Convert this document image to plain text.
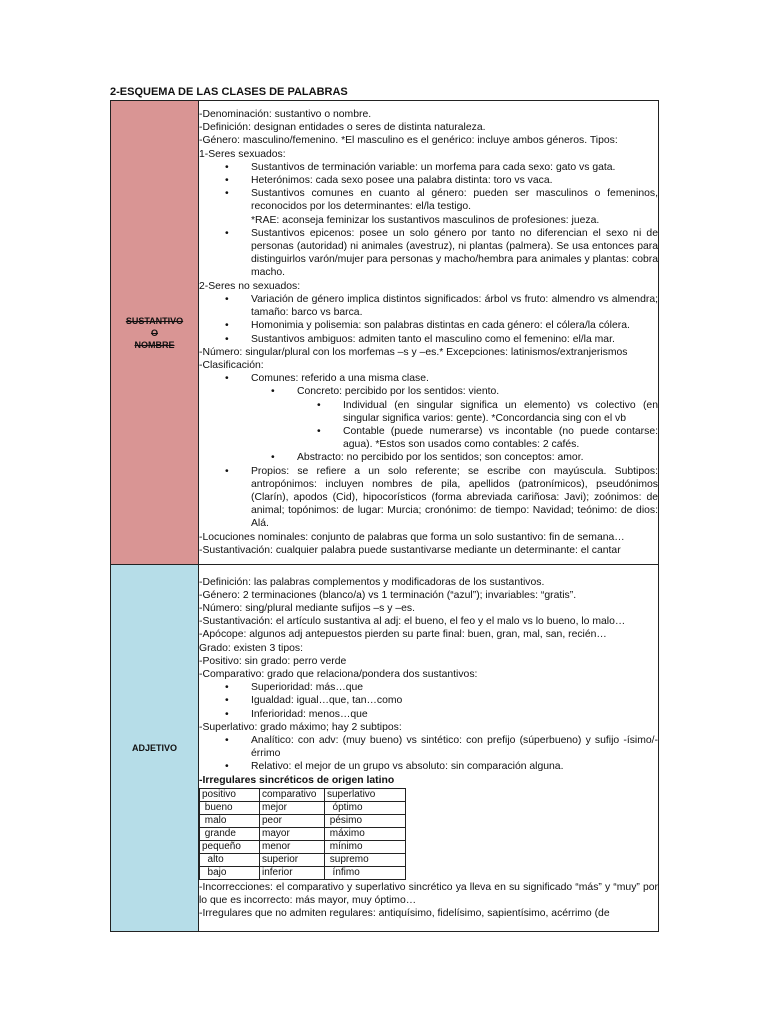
2-ESQUEMA DE LAS CLASES DE PALABRAS
SUSTANTIVO
O
NOMBRE

-Denominación: sustantivo o nombre.
-Definición: designan entidades o seres de distinta naturaleza.
-Género: masculino/femenino. *El masculino es el genérico: incluye ambos géneros. Tipos:
1-Seres sexuados:
• Sustantivos de terminación variable: un morfema para cada sexo: gato vs gata.
• Heterónimos: cada sexo posee una palabra distinta: toro vs vaca.
• Sustantivos comunes en cuanto al género: pueden ser masculinos o femeninos, reconocidos por los determinantes: el/la testigo.
*RAE: aconseja feminizar los sustantivos masculinos de profesiones: jueza.
• Sustantivos epicenos: posee un solo género por tanto no diferencian el sexo ni de personas (autoridad) ni animales (avestruz), ni plantas (palmera). Se usa entonces para distinguirlos varón/mujer para personas y macho/hembra para animales y plantas: cobra macho.
2-Seres no sexuados:
• Variación de género implica distintos significados: árbol vs fruto: almendro vs almendra; tamaño: barco vs barca.
• Homonimia y polisemia: son palabras distintas en cada género: el cólera/la cólera.
• Sustantivos ambiguos: admiten tanto el masculino como el femenino: el/la mar.
-Número: singular/plural con los morfemas –s y –es.* Excepciones: latinismos/extranjerismos
-Clasificación:
• Comunes: referido a una misma clase.
• Concreto: percibido por los sentidos: viento.
• Individual (en singular significa un elemento) vs colectivo (en singular significa varios: gente). *Concordancia sing con el vb
• Contable (puede numerarse) vs incontable (no puede contarse: agua). *Estos son usados como contables: 2 cafés.
• Abstracto: no percibido por los sentidos; son conceptos: amor.
• Propios: se refiere a un solo referente; se escribe con mayúscula. Subtipos: antropónimos: incluyen nombres de pila, apellidos (patronímicos), pseudónimos (Clarín), apodos (Cid), hipocorísticos (forma abreviada cariñosa: Javi); zoónimos: de animal; topónimos: de lugar: Murcia; cronónimo: de tiempo: Navidad; teónimo: de dios: Alá.
-Locuciones nominales: conjunto de palabras que forma un solo sustantivo: fin de semana…
-Sustantivación: cualquier palabra puede sustantivarse mediante un determinante: el cantar

ADJETIVO

-Definición: las palabras complementos y modificadoras de los sustantivos.
-Género: 2 terminaciones (blanco/a) vs 1 terminación (“azul”); invariables: “gratis”.
-Número: sing/plural mediante sufijos –s y –es.
-Sustantivación: el artículo sustantiva al adj: el bueno, el feo y el malo vs lo bueno, lo malo…
-Apócope: algunos adj antepuestos pierden su parte final: buen, gran, mal, san, recién…
Grado: existen 3 tipos:
-Positivo: sin grado: perro verde
-Comparativo: grado que relaciona/pondera dos sustantivos:
• Superioridad: más…que
• Igualdad: igual…que, tan…como
• Inferioridad: menos…que
-Superlativo: grado máximo; hay 2 subtipos:
• Analítico: con adv: (muy bueno) vs sintético: con prefijo (súperbueno) y sufijo -ísimo/-érrimo
• Relativo: el mejor de un grupo vs absoluto: sin comparación alguna.
-Irregulares sincréticos de origen latino
positivo	comparativo	superlativo
bueno	mejor	óptimo
malo	peor	pésimo
grande	mayor	máximo
pequeño	menor	mínimo
alto	superior	supremo
bajo	inferior	ínfimo
-Incorrecciones: el comparativo y superlativo sincrético ya lleva en su significado “más” y “muy” por lo que es incorrecto: más mayor, muy óptimo…
-Irregulares que no admiten regulares: antiquísimo, fidelísimo, sapientísimo, acérrimo (de
